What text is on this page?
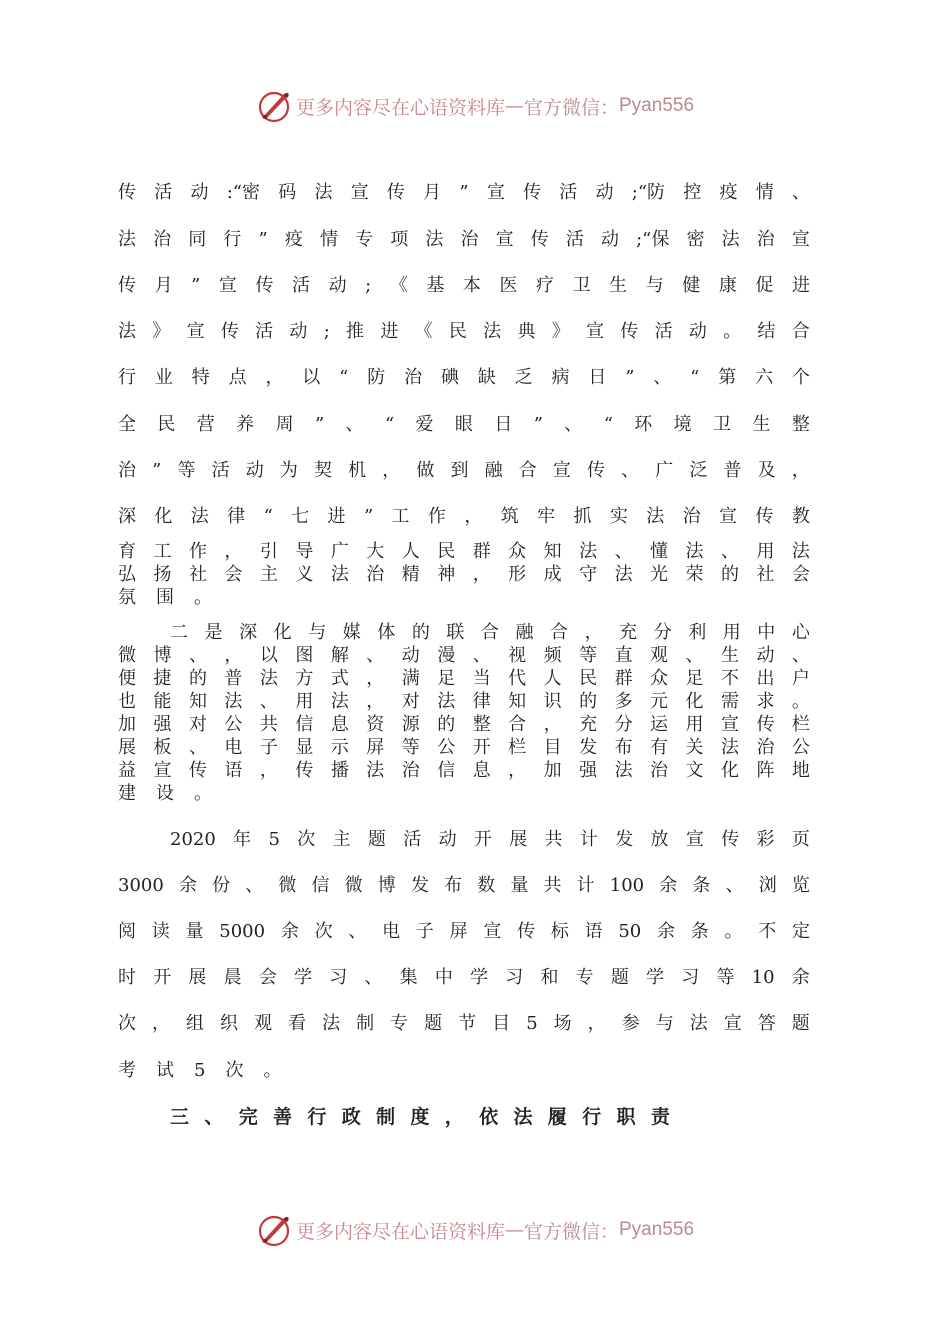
更多内容尽在心语资料库 — 官方微信： Pyan556
传 活 动 :“密 码 法 宣 传 月 ” 宣 传 活 动 ;“防 控 疫 情 、
法 治 同 行 ” 疫 情 专 项 法 治 宣 传 活 动 ;“保 密 法 治 宣
传 月 ” 宣 传 活 动 ; 《 基 本 医 疗 卫 生 与 健 康 促 进
法 》 宣 传 活 动 ; 推 进 《 民 法 典 》 宣 传 活 动 。 结 合
行 业 特 点 ， 以 “ 防 治 碘 缺 乏 病 日 ” 、 “ 第 六 个
全 民 营 养 周 ” 、 “ 爱 眼 日 ” 、 “ 环 境 卫 生 整
治 ” 等 活 动 为 契 机 ， 做 到 融 合 宣 传 、 广 泛 普 及 ，
深 化 法 律 “ 七 进 ” 工 作 ， 筑 牢 抓 实 法 治 宣 传 教
育 工 作 ， 引 导 广 大 人 民 群 众 知 法 、 懂 法 、 用 法
弘 扬 社 会 主 义 法 治 精 神 ， 形 成 守 法 光 荣 的 社 会
氛 围 。
二 是 深 化 与 媒 体 的 联 合 融 合 ， 充 分 利 用 中 心
微 博 、 ， 以 图 解 、 动 漫 、 视 频 等 直 观 、 生 动 、
便 捷 的 普 法 方 式 ， 满 足 当 代 人 民 群 众 足 不 出 户
也 能 知 法 、 用 法 ， 对 法 律 知 识 的 多 元 化 需 求 。
加 强 对 公 共 信 息 资 源 的 整 合 ， 充 分 运 用 宣 传 栏
展 板 、 电 子 显 示 屏 等 公 开 栏 目 发 布 有 关 法 治 公
益 宣 传 语 ， 传 播 法 治 信 息 ， 加 强 法 治 文 化 阵 地
建 设 。
2020 年 5 次 主 题 活 动 开 展 共 计 发 放 宣 传 彩 页
3000 余 份 、 微 信 微 博 发 布 数 量 共 计 100 余 条 、 浏 览
阅 读 量 5000 余 次 、 电 子 屏 宣 传 标 语 50 余 条 。 不 定
时 开 展 晨 会 学 习 、 集 中 学 习 和 专 题 学 习 等 10 余
次 ， 组 织 观 看 法 制 专 题 节 目 5 场 ， 参 与 法 宣 答 题
考 试 5 次 。
三 、 完 善 行 政 制 度 ， 依 法 履 行 职 责
更多内容尽在心语资料库 — 官方微信： Pyan556
